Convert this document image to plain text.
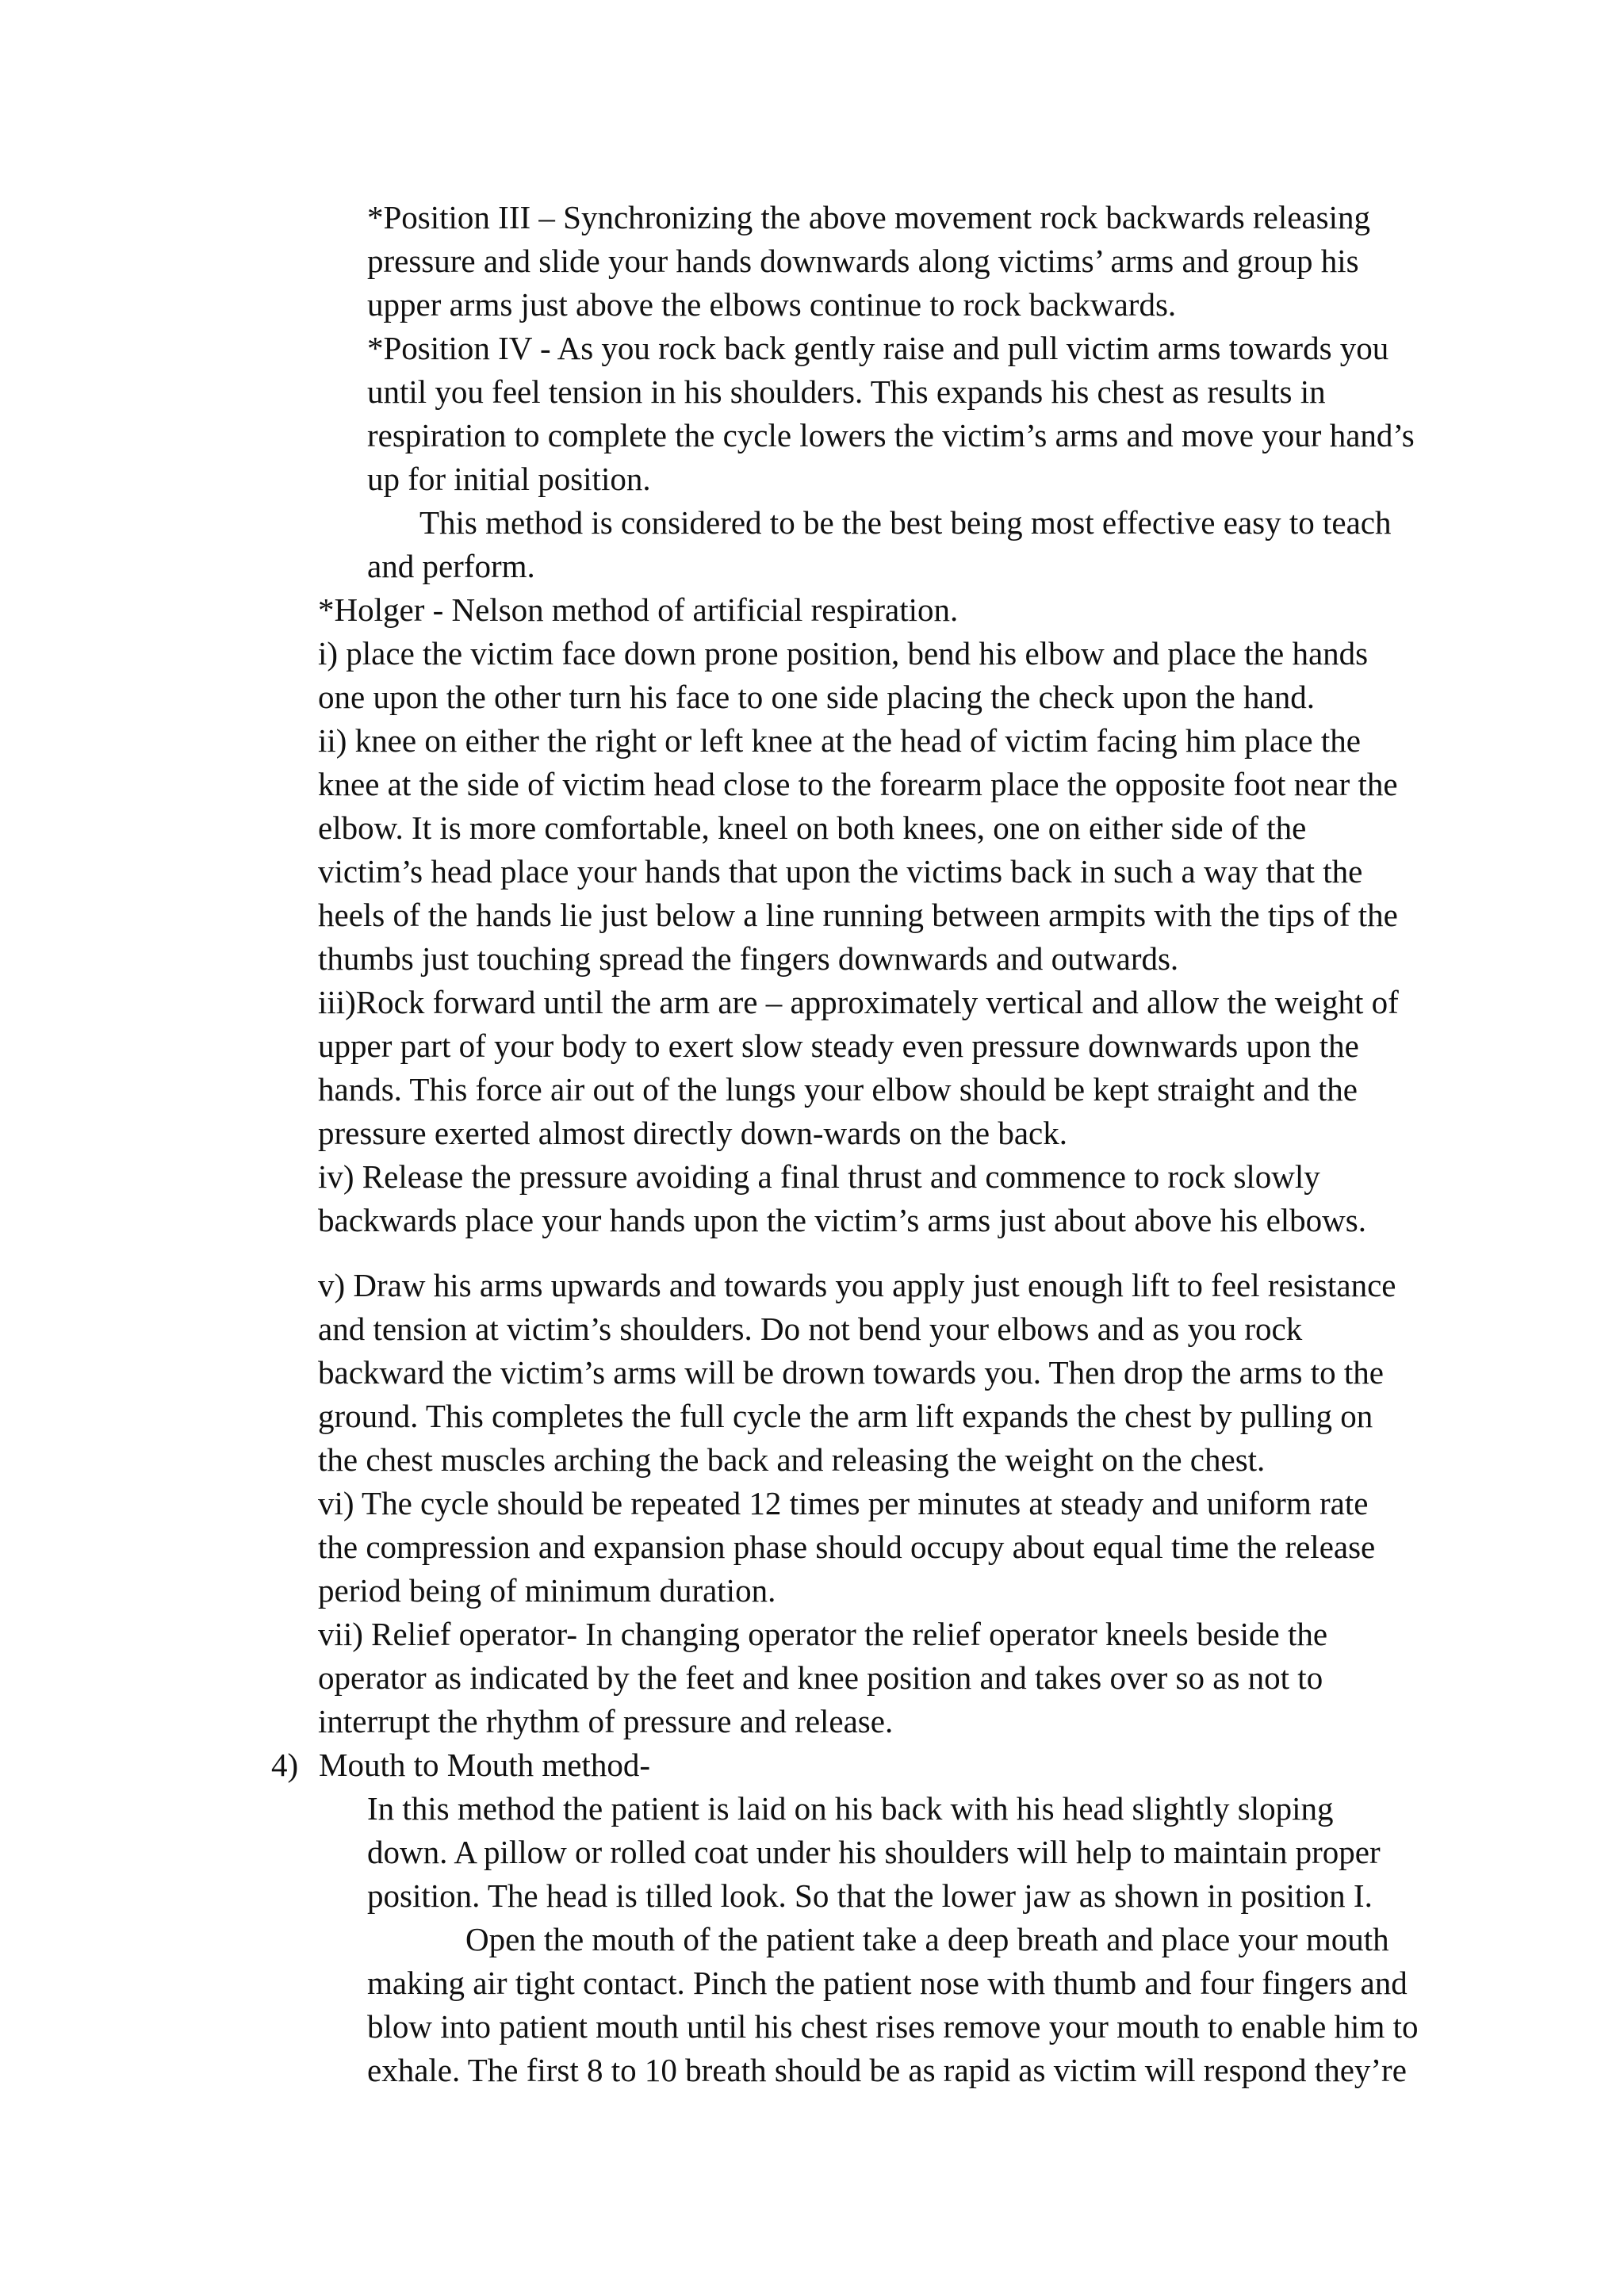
*Position III – Synchronizing the above movement rock backwards releasing

pressure and slide your hands downwards along victims’ arms and group his

upper arms just above the elbows continue to rock backwards.

*Position IV - As you rock back gently raise and pull victim arms towards you

until you feel tension in his shoulders. This expands his chest as results in

respiration to complete the cycle lowers the victim’s arms and move your hand’s

up for initial position.

This method is considered to be the best being most effective easy to teach

and perform.

*Holger - Nelson method of artificial respiration.

i) place the victim face down prone position, bend his elbow and place the hands

one upon the other turn his face to one side placing the check upon the hand.

ii) knee on either the right or left knee at the head of victim facing him place the

knee at the side of victim head close to the forearm place the opposite foot near the

elbow. It is more comfortable, kneel on both knees, one on either side of the

victim’s head place your hands that upon the victims back in such a way that the

heels of the hands lie just below a line running between armpits with the tips of the

thumbs just touching spread the fingers downwards and outwards.

iii)Rock forward until the arm are – approximately vertical and allow the weight of

upper part of your body to exert slow steady even pressure downwards upon the

hands. This force air out of the lungs your elbow should be kept straight and the

pressure exerted almost directly down-wards on the back.

iv) Release the pressure avoiding a final thrust and commence to rock slowly

backwards place your hands upon the victim’s arms just about above his elbows.

v) Draw his arms upwards and towards you apply just enough lift to feel resistance

and tension at victim’s shoulders. Do not bend your elbows and as you rock

backward the victim’s arms will be drown towards you. Then drop the arms to the

ground. This completes the full cycle the arm lift expands the chest by pulling on

the chest muscles arching the back and releasing the weight on the chest.

vi) The cycle should be repeated 12 times per minutes at steady and uniform rate

the compression and expansion phase should occupy about equal time the release

period being of minimum duration.

vii) Relief operator- In changing operator the relief operator kneels beside the

operator as indicated by the feet and knee position and takes over so as not to

interrupt the rhythm of pressure and release.

4) Mouth to Mouth method-

In this method the patient is laid on his back with his head slightly sloping

down. A pillow or rolled coat under his shoulders will help to maintain proper

position. The head is tilled look. So that the lower jaw as shown in position I.

Open the mouth of the patient take a deep breath and place your mouth

making air tight contact. Pinch the patient nose with thumb and four fingers and

blow into patient mouth until his chest rises remove your mouth to enable him to

exhale. The first 8 to 10 breath should be as rapid as victim will respond they’re
